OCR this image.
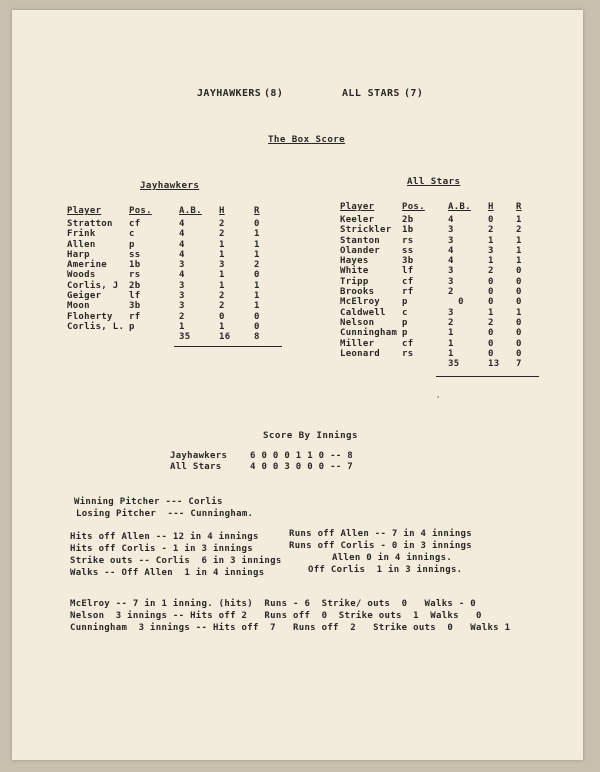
JAYHAWKERS (8)	ALL STARS (7)
The Box Score
Jayhawkers	All Stars
Player	Pos.	A.B.	H	R
Stratton	cf	4	2	0
Frink	c	4	2	1
Allen	p	4	1	1
Harp	ss	4	1	1
Amerine	1b	3	3	2
Woods	rs	4	1	0
Corlis, J	2b	3	1	1
Geiger	lf	3	2	1
Moon	3b	3	2	1
Floherty	rf	2	0	0
Corlis, L.	p	1	1	0
		35	16	8
Player	Pos.	A.B.	H	R
Keeler	2b	4	0	1
Strickler	1b	3	2	2
Stanton	rs	3	1	1
Olander	ss	4	3	1
Hayes	3b	4	1	1
White	lf	3	2	0
Tripp	cf	3	0	0
Brooks	rf	2	0	0
McElroy	p	0	0	0
Caldwell	c	3	1	1
Nelson	p	2	2	0
Cunningham	p	1	0	0
Miller	cf	1	0	0
Leonard	rs	1	0	0
		35	13	7
'
Score By Innings
Jayhawkers    6 0 0 0 1 1 0 -- 8
All Stars     4 0 0 3 0 0 0 -- 7
Winning Pitcher --- Corlis
Losing Pitcher  --- Cunningham.
Hits off Allen -- 12 in 4 innings	Runs off Allen -- 7 in 4 innings
Hits off Corlis - 1 in 3 innings	Runs off Corlis - 0 in 3 innings
Strike outs -- Corlis  6 in 3 innings	Allen 0 in 4 innings.
Walks -- Off Allen  1 in 4 innings	Off Corlis  1 in 3 innings.
McElroy -- 7 in 1 inning. (hits)  Runs - 6  Strike/ outs  0   Walks - 0
Nelson  3 innings -- Hits off 2   Runs off  0  Strike outs  1  Walks   0
Cunningham  3 innings -- Hits off  7   Runs off  2   Strike outs  0   Walks 1
